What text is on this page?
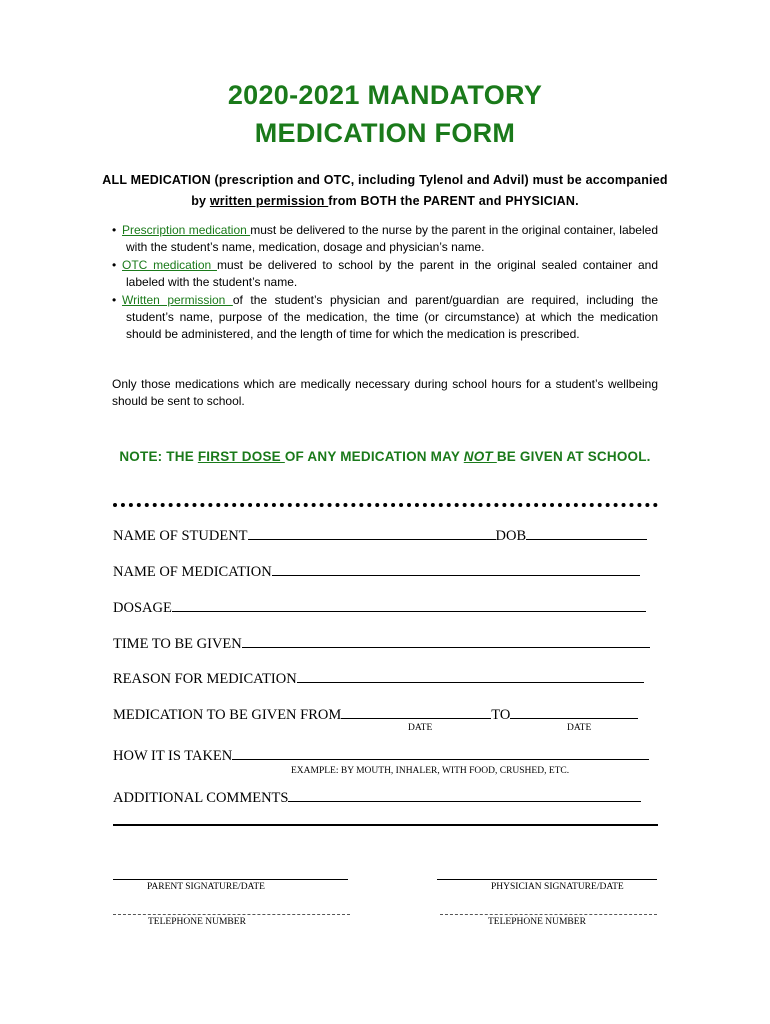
2020-2021 MANDATORY
MEDICATION FORM
ALL MEDICATION (prescription and OTC, including Tylenol and Advil) must be accompanied by written permission from BOTH the PARENT and PHYSICIAN.
• Prescription medication must be delivered to the nurse by the parent in the original container, labeled with the student’s name, medication, dosage and physician’s name.
• OTC medication must be delivered to school by the parent in the original sealed container and labeled with the student’s name.
• Written permission of the student’s physician and parent/guardian are required, including the student’s name, purpose of the medication, the time (or circumstance) at which the medication should be administered, and the length of time for which the medication is prescribed.
Only those medications which are medically necessary during school hours for a student’s wellbeing should be sent to school.
NOTE: THE FIRST DOSE OF ANY MEDICATION MAY NOT BE GIVEN AT SCHOOL.
NAME OF STUDENT	DOB
NAME OF MEDICATION
DOSAGE
TIME TO BE GIVEN
REASON FOR MEDICATION
MEDICATION TO BE GIVEN FROM	TO
DATE	DATE
HOW IT IS TAKEN
EXAMPLE: BY MOUTH, INHALER, WITH FOOD, CRUSHED, ETC.
ADDITIONAL COMMENTS
PARENT SIGNATURE/DATE	PHYSICIAN SIGNATURE/DATE
TELEPHONE NUMBER	TELEPHONE NUMBER
